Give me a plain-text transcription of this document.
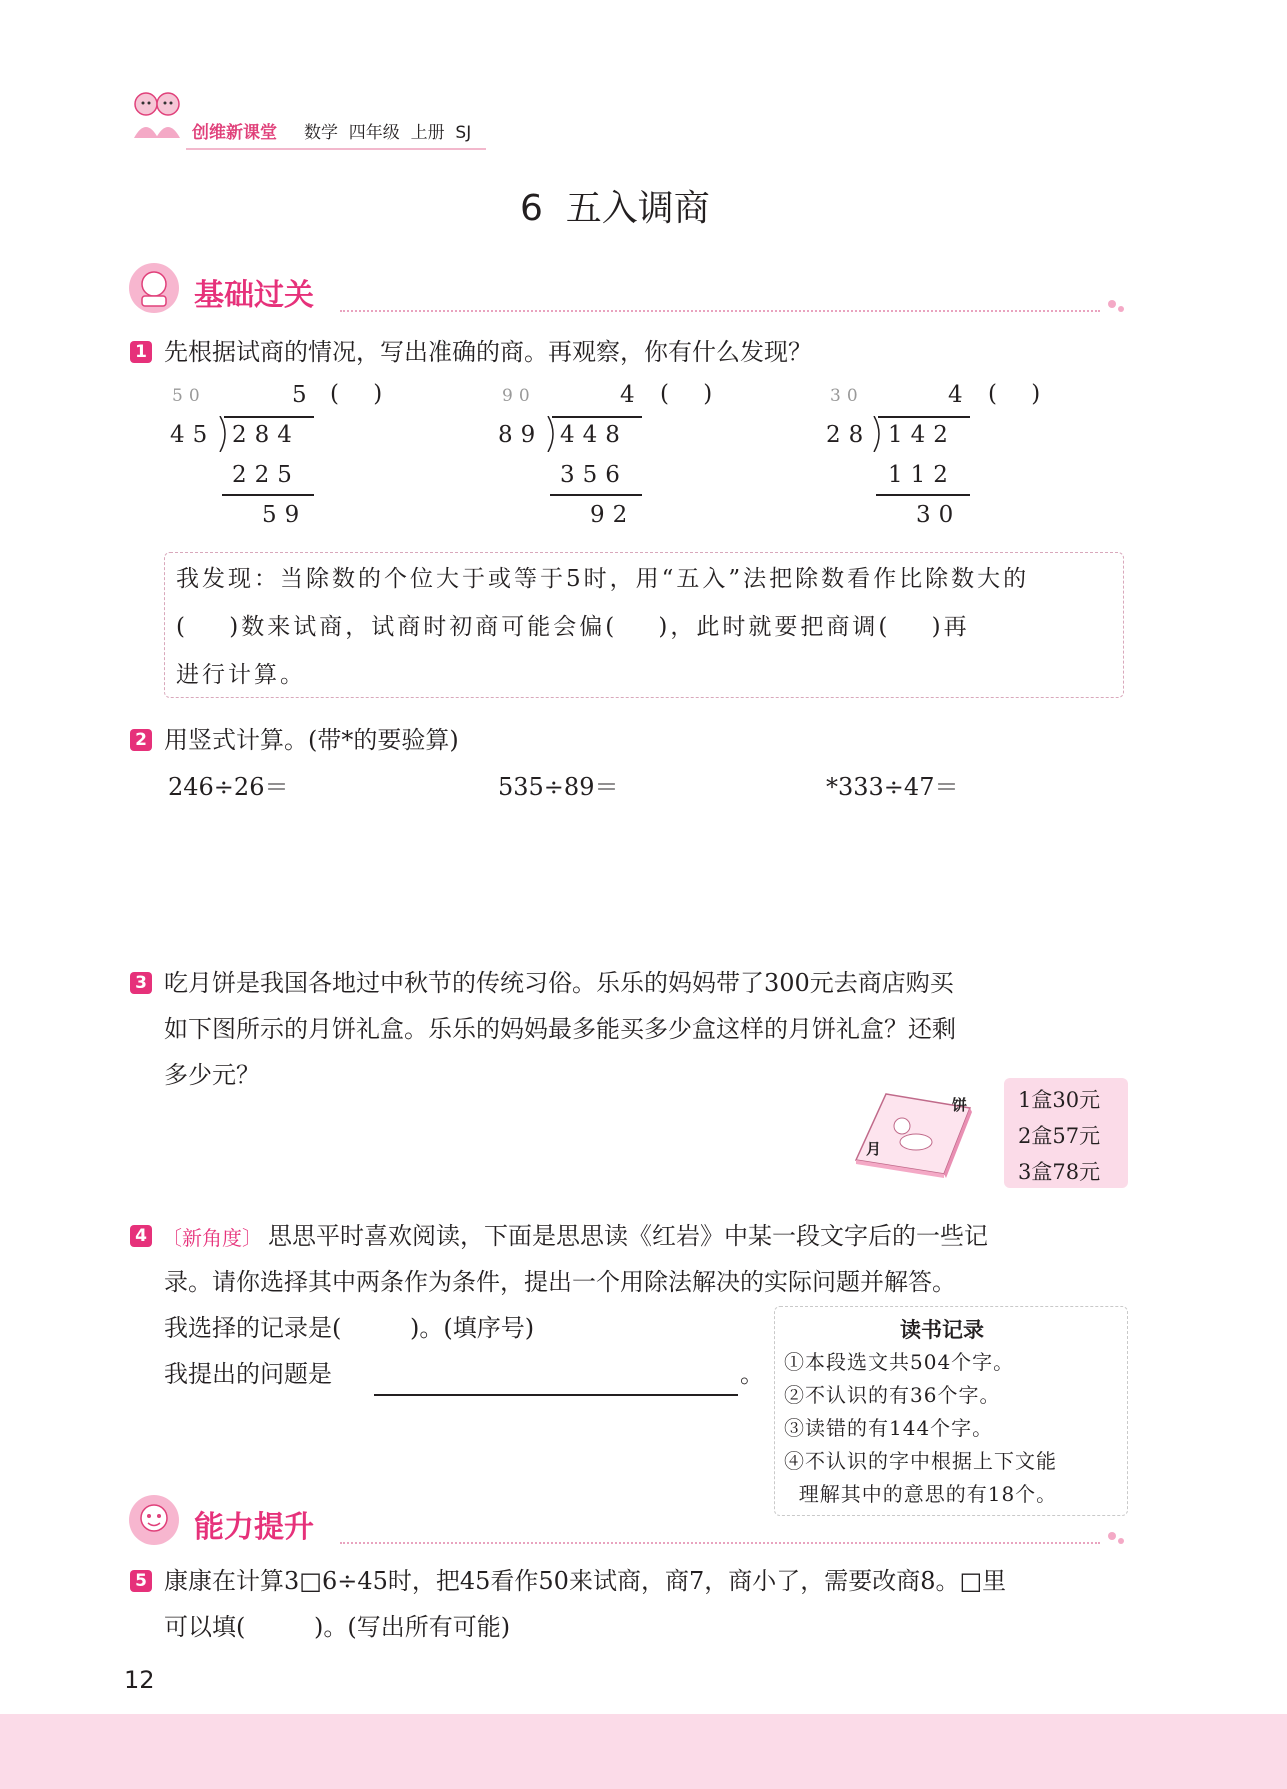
创维新课堂 数学  四年级  上册  SJ
6  五入调商
基础过关
1 先根据试商的情况，写出准确的商。再观察，你有什么发现？
50	5 (    )
45 284
225
59
90	4 (    )
89 448
356
92
30	4 (    )
28 142
112
30
我发现：当除数的个位大于或等于5时，用“五入”法把除数看作比除数大的
(    )数来试商，试商时初商可能会偏(    )，此时就要把商调(    )再
进行计算。
2 用竖式计算。(带*的要验算)
246÷26＝	535÷89＝	*333÷47＝
3 吃月饼是我国各地过中秋节的传统习俗。乐乐的妈妈带了300元去商店购买
如下图所示的月饼礼盒。乐乐的妈妈最多能买多少盒这样的月饼礼盒？还剩
多少元？
饼
月
1盒30元
2盒57元
3盒78元
4 〔新角度〕 思思平时喜欢阅读，下面是思思读《红岩》中某一段文字后的一些记
录。请你选择其中两条作为条件，提出一个用除法解决的实际问题并解答。
我选择的记录是(         )。(填序号)
我提出的问题是	。
读书记录
①本段选文共504个字。
②不认识的有36个字。
③读错的有144个字。
④不认识的字中根据上下文能
理解其中的意思的有18个。
能力提升
5 康康在计算3□6÷45时，把45看作50来试商，商7，商小了，需要改商8。□里
可以填(         )。(写出所有可能)
12
